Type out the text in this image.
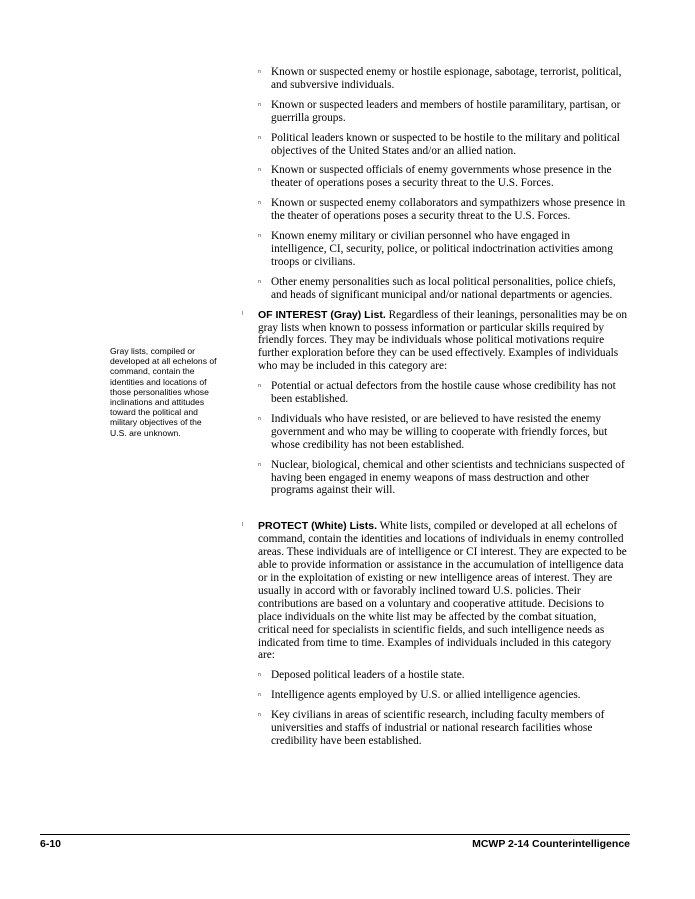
n Known or suspected enemy or hostile espionage, sabotage, terrorist, political, and subversive individuals.
n Known or suspected leaders and members of hostile paramilitary, partisan, or guerrilla groups.
n Political leaders known or suspected to be hostile to the military and political objectives of the United States and/or an allied nation.
n Known or suspected officials of enemy governments whose presence in the theater of operations poses a security threat to the U.S. Forces.
n Known or suspected enemy collaborators and sympathizers whose presence in the theater of operations poses a security threat to the U.S. Forces.
n Known enemy military or civilian personnel who have engaged in intelligence, CI, security, police, or political indoctrination activities among troops or civilians.
n Other enemy personalities such as local political personalities, police chiefs, and heads of significant municipal and/or national departments or agencies.
l OF INTEREST (Gray) List. Regardless of their leanings, personalities may be on gray lists when known to possess information or particular skills required by friendly forces. They may be individuals whose political motivations require further exploration before they can be used effectively. Examples of individuals who may be included in this category are:

n Potential or actual defectors from the hostile cause whose credibility has not been established.
n Individuals who have resisted, or are believed to have resisted the enemy government and who may be willing to cooperate with friendly forces, but whose credibility has not been established.
n Nuclear, biological, chemical and other scientists and technicians suspected of having been engaged in enemy weapons of mass destruction and other programs against their will.
l PROTECT (White) Lists. White lists, compiled or developed at all echelons of command, contain the identities and locations of individuals in enemy controlled areas. These individuals are of intelligence or CI interest. They are expected to be able to provide information or assistance in the accumulation of intelligence data or in the exploitation of existing or new intelligence areas of interest. They are usually in accord with or favorably inclined toward U.S. policies. Their contributions are based on a voluntary and cooperative attitude. Decisions to place individuals on the white list may be affected by the combat situation, critical need for specialists in scientific fields, and such intelligence needs as indicated from time to time. Examples of individuals included in this category are:

n Deposed political leaders of a hostile state.
n Intelligence agents employed by U.S. or allied intelligence agencies.
n Key civilians in areas of scientific research, including faculty members of universities and staffs of industrial or national research facilities whose credibility have been established.
Gray lists, compiled or developed at all echelons of command, contain the identities and locations of those personalities whose inclinations and attitudes toward the political and military objectives of the U.S. are unknown.
6-10	MCWP 2-14 Counterintelligence
